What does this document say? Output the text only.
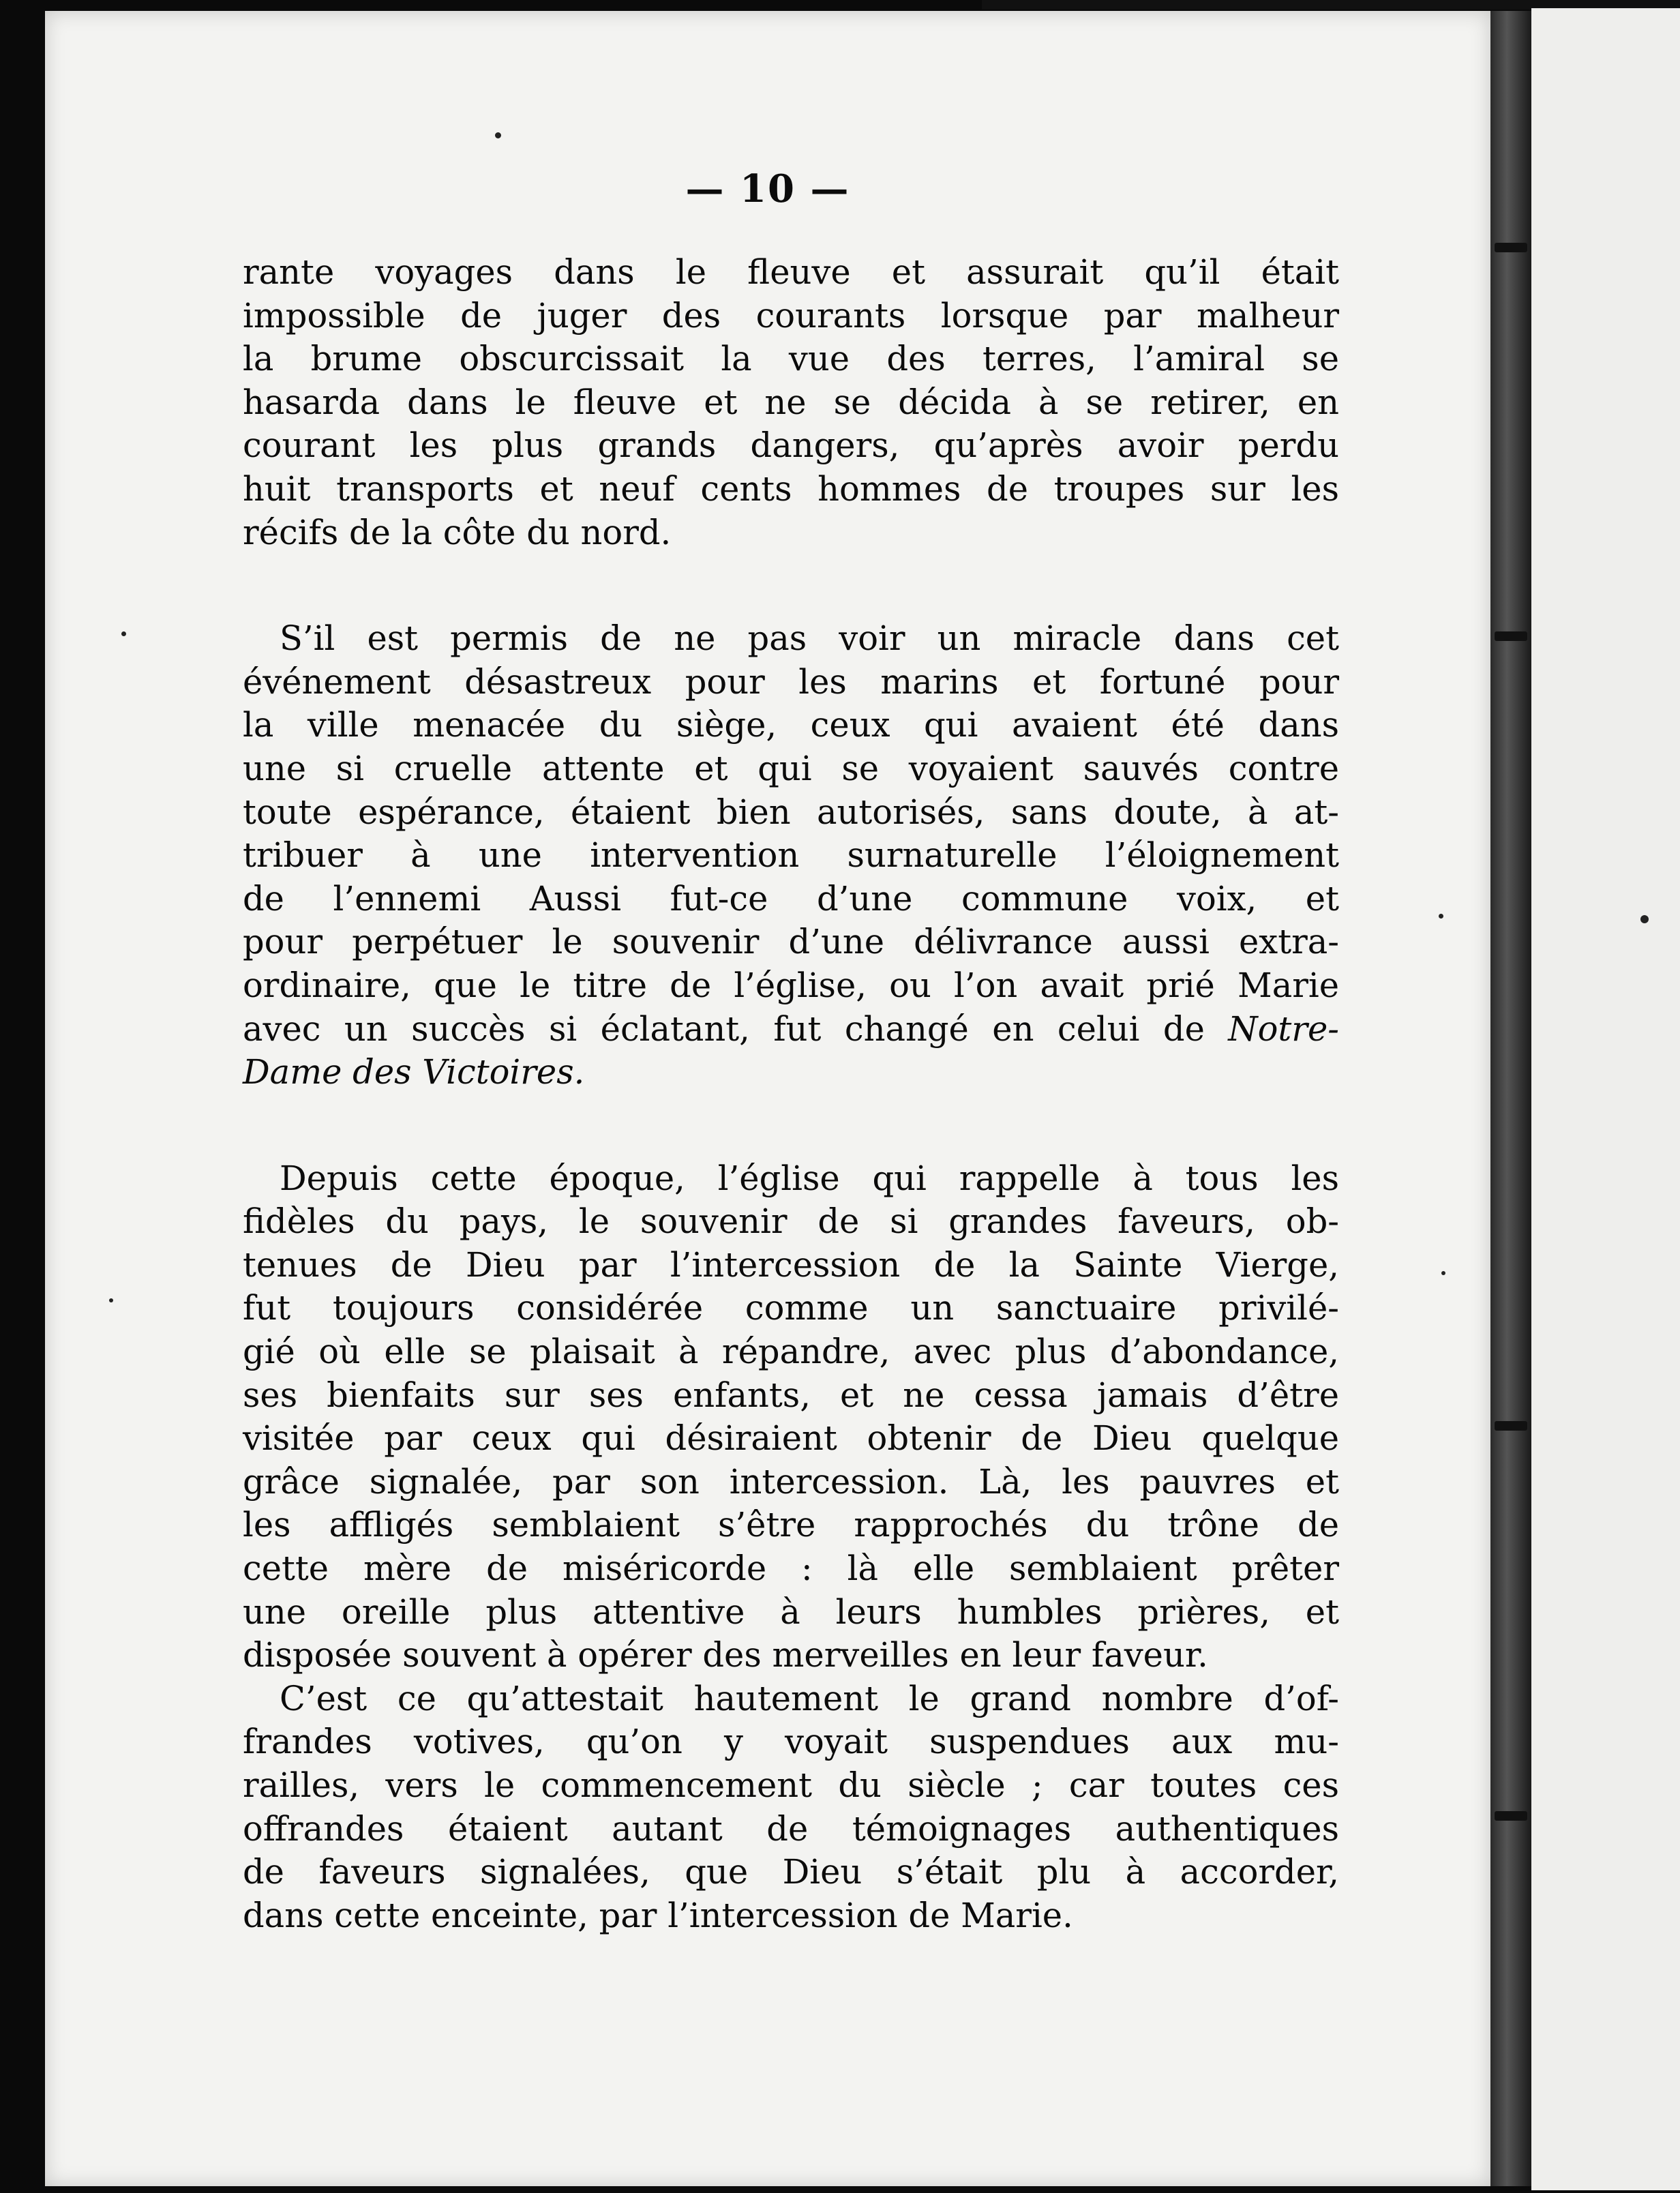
— 10 —
rante voyages dans le fleuve et assurait qu’il était
impossible de juger des courants lorsque par malheur
la brume obscurcissait la vue des terres, l’amiral se
hasarda dans le fleuve et ne se décida à se retirer, en
courant les plus grands dangers, qu’après avoir perdu
huit transports et neuf cents hommes de troupes sur les
récifs de la côte du nord.
S’il est permis de ne pas voir un miracle dans cet
événement désastreux pour les marins et fortuné pour
la ville menacée du siège, ceux qui avaient été dans
une si cruelle attente et qui se voyaient sauvés contre
toute espérance, étaient bien autorisés, sans doute, à at-
tribuer à une intervention surnaturelle l’éloignement
de l’ennemi Aussi fut-ce d’une commune voix, et
pour perpétuer le souvenir d’une délivrance aussi extra-
ordinaire, que le titre de l’église, ou l’on avait prié Marie
avec un succès si éclatant, fut changé en celui de Notre-
Dame des Victoires.
Depuis cette époque, l’église qui rappelle à tous les
fidèles du pays, le souvenir de si grandes faveurs, ob-
tenues de Dieu par l’intercession de la Sainte Vierge,
fut toujours considérée comme un sanctuaire privilé-
gié où elle se plaisait à répandre, avec plus d’abondance,
ses bienfaits sur ses enfants, et ne cessa jamais d’être
visitée par ceux qui désiraient obtenir de Dieu quelque
grâce signalée, par son intercession. Là, les pauvres et
les affligés semblaient s’être rapprochés du trône de
cette mère de miséricorde : là elle semblaient prêter
une oreille plus attentive à leurs humbles prières, et
disposée souvent à opérer des merveilles en leur faveur.
C’est ce qu’attestait hautement le grand nombre d’of-
frandes votives, qu’on y voyait suspendues aux mu-
railles, vers le commencement du siècle ; car toutes ces
offrandes étaient autant de témoignages authentiques
de faveurs signalées, que Dieu s’était plu à accorder,
dans cette enceinte, par l’intercession de Marie.
